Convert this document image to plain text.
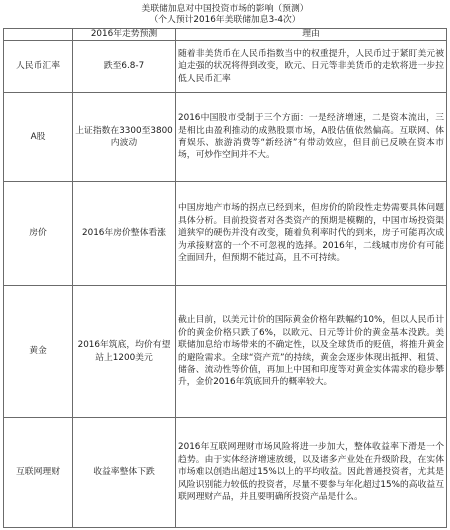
美联储加息对中国投资市场的影响（预测）
（个人预计2016年美联储加息3-4次）
	2016年走势预测	理由
人民币汇率	跌至6.8-7	随着非美货币在人民币指数当中的权重提升，人民币过于紧盯美元被迫走强的状况将得到改变，欧元、日元等非美货币的走软将进一步拉低人民币汇率
A股	上证指数在3300至3800内波动	2016中国股市受制于三个方面：一是经济增速，二是资本流出，三是相比由盈利推动的成熟股票市场，A股估值依然偏高。互联网、体育娱乐、旅游消费等“新经济”有带动效应，但目前已反映在资本市场，可炒作空间并不大。
房价	2016年房价整体看涨	中国房地产市场的拐点已经到来，但房价的阶段性走势需要具体问题具体分析。目前投资者对各类资产的预期是模糊的，中国市场投资渠道狭窄的硬伤并没有改变，随着负利率时代的到来，房子可能再次成为承接财富的一个不可忽视的选择。2016年，二线城市房价有可能全面回升，但预期不能过高，且不可持续。
黄金	2016年筑底，均价有望站上1200美元	截止目前，以美元计价的国际黄金价格年跌幅约10%，但以人民币计价的黄金价格只跌了6%，以欧元、日元等计价的黄金基本没跌。美联储加息给市场带来的不确定性，以及全球货币的贬值，将推升黄金的避险需求。全球“资产荒”的持续，黄金会逐步体现出抵押、租赁、储备、流动性等价值，再加上中国和印度等对黄金实体需求的稳步攀升，金价2016年筑底回升的概率较大。
互联网理财	收益率整体下跌	2016年互联网理财市场风险将进一步加大，整体收益率下滑是一个趋势。由于实体经济增速放缓，以及诸多产业处在升级阶段，在实体市场难以创造出超过15%以上的平均收益。因此普通投资者，尤其是风险识别能力较低的投资者，尽量不要参与年化超过15%的高收益互联网理财产品，并且要明确所投资产品是什么。
